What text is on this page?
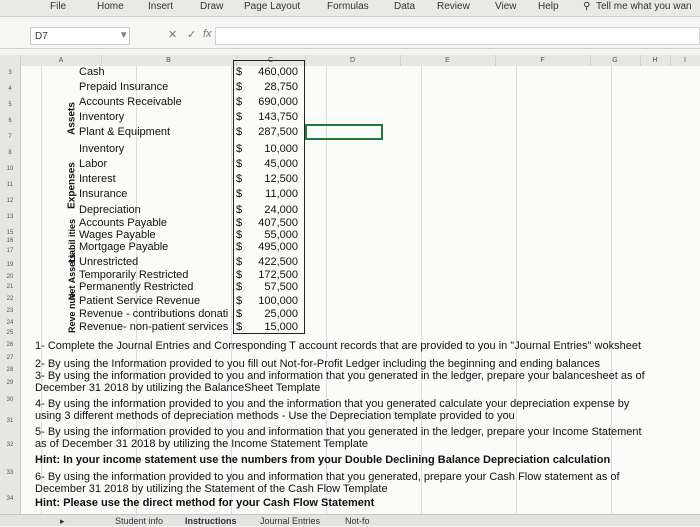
File	Home Insert	Draw Page Layout	Formulas	Data Review	View Help ⚲ Tell me what you wan
D7	▾	✕ ✓ fx
A	B	C	D	E	F	G	H	I
3
4
5
6
7
8
10
11
12
13
15
16
17
19
20
21
22
23
24
25
26
27
28
29
30
31
32
33
34
Assets
Expenses
Liabil ities
Net Assets
Reve nue
Cash	$	460,000
Prepaid Insurance	$	28,750
Accounts Receivable	$	690,000
Inventory	$	143,750
Plant & Equipment	$	287,500
Inventory	$	10,000
Labor	$	45,000
Interest	$	12,500
Insurance	$	11,000
Depreciation	$	24,000
Accounts Payable	$	407,500
Wages Payable	$	55,000
Mortgage Payable	$	495,000
Unrestricted	$	422,500
Temporarily Restricted	$	172,500
Permanently Restricted	$	57,500
Patient Service Revenue	$	100,000
Revenue - contributions donati $	25,000
Revenue- non-patient services $	15,000
1- Complete the Journal Entries and Corresponding T account records that are provided to you in "Journal Entries" woksheet
2- By using the Information provided to you fill out Not-for-Profit Ledger including the beginning and ending balances
3- By using the information provided to you and information that you generated in the ledger, prepare your balancesheet as of
December 31 2018 by utilizing the BalanceSheet Template
4- By using the information provided to you and the information that you generated calculate your depreciation expense by
using 3 different methods of depreciation methods - Use the Depreciation template provided to you
5- By using the information provided to you and information that you generated in the ledger, prepare your Income Statement
as of December 31 2018 by utilizing the Income Statement Template
Hint: In your income statement use the numbers from your Double Declining Balance Depreciation calculation
6- By using the information provided to you and information that you generated, prepare your Cash Flow statement as of
December 31 2018 by utilizing the Statement of the Cash Flow Template
Hint: Please use the direct method for your Cash Flow Statement
▸	Student info Instructions	Journal Entries	Not-fo
